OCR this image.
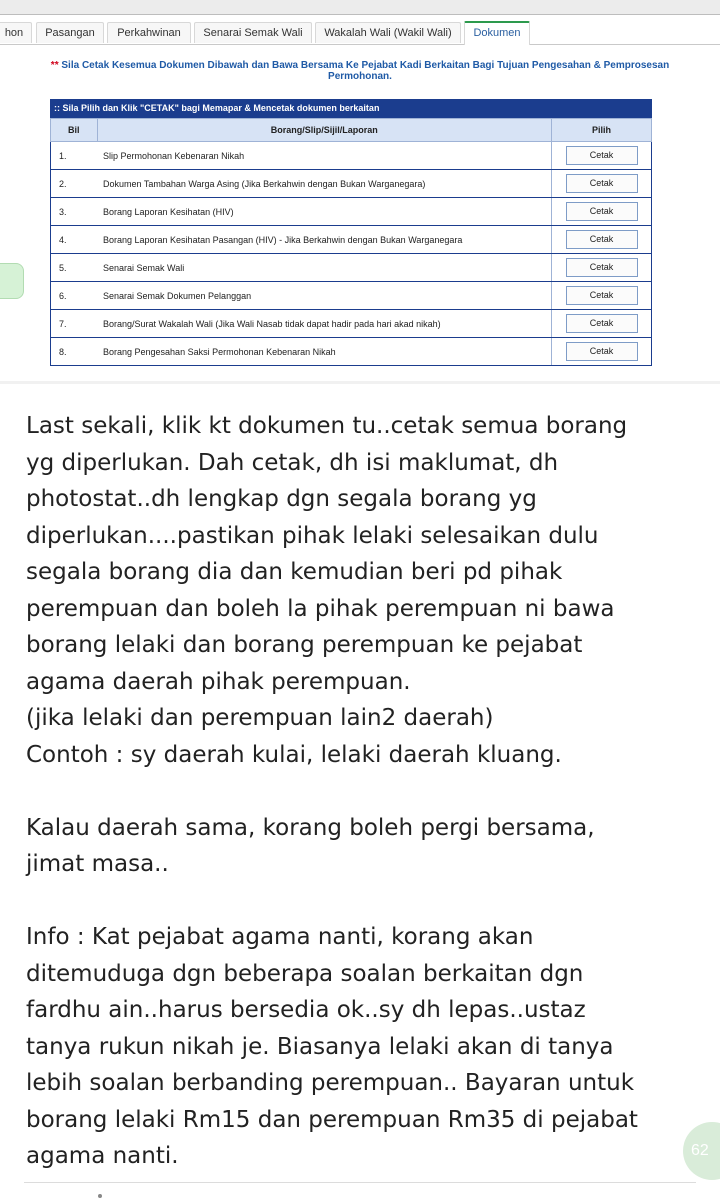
hon	Pasangan	Perkahwinan	Senarai Semak Wali	Wakalah Wali (Wakil Wali)	Dokumen
** Sila Cetak Kesemua Dokumen Dibawah dan Bawa Bersama Ke Pejabat Kadi Berkaitan Bagi Tujuan Pengesahan & Pemprosesan Permohonan.
:: Sila Pilih dan Klik "CETAK" bagi Memapar & Mencetak dokumen berkaitan
Bil	Borang/Slip/Sijil/Laporan	Pilih
1.	Slip Permohonan Kebenaran Nikah	Cetak
2.	Dokumen Tambahan Warga Asing (Jika Berkahwin dengan Bukan Warganegara)	Cetak
3.	Borang Laporan Kesihatan (HIV)	Cetak
4.	Borang Laporan Kesihatan Pasangan (HIV) - Jika Berkahwin dengan Bukan Warganegara	Cetak
5.	Senarai Semak Wali	Cetak
6.	Senarai Semak Dokumen Pelanggan	Cetak
7.	Borang/Surat Wakalah Wali (Jika Wali Nasab tidak dapat hadir pada hari akad nikah)	Cetak
8.	Borang Pengesahan Saksi Permohonan Kebenaran Nikah	Cetak

Last sekali, klik kt dokumen tu..cetak semua borang

yg diperlukan. Dah cetak, dh isi maklumat, dh

photostat..dh lengkap dgn segala borang yg

diperlukan....pastikan pihak lelaki selesaikan dulu

segala borang dia dan kemudian beri pd pihak

perempuan dan boleh la pihak perempuan ni bawa

borang lelaki dan borang perempuan ke pejabat

agama daerah pihak perempuan.

(jika lelaki dan perempuan lain2 daerah)

Contoh : sy daerah kulai, lelaki daerah kluang.

Kalau daerah sama, korang boleh pergi bersama,

jimat masa..

Info : Kat pejabat agama nanti, korang akan

ditemuduga dgn beberapa soalan berkaitan dgn

fardhu ain..harus bersedia ok..sy dh lepas..ustaz

tanya rukun nikah je. Biasanya lelaki akan di tanya

lebih soalan berbanding perempuan.. Bayaran untuk

borang lelaki Rm15 dan perempuan Rm35 di pejabat

agama nanti.	62
